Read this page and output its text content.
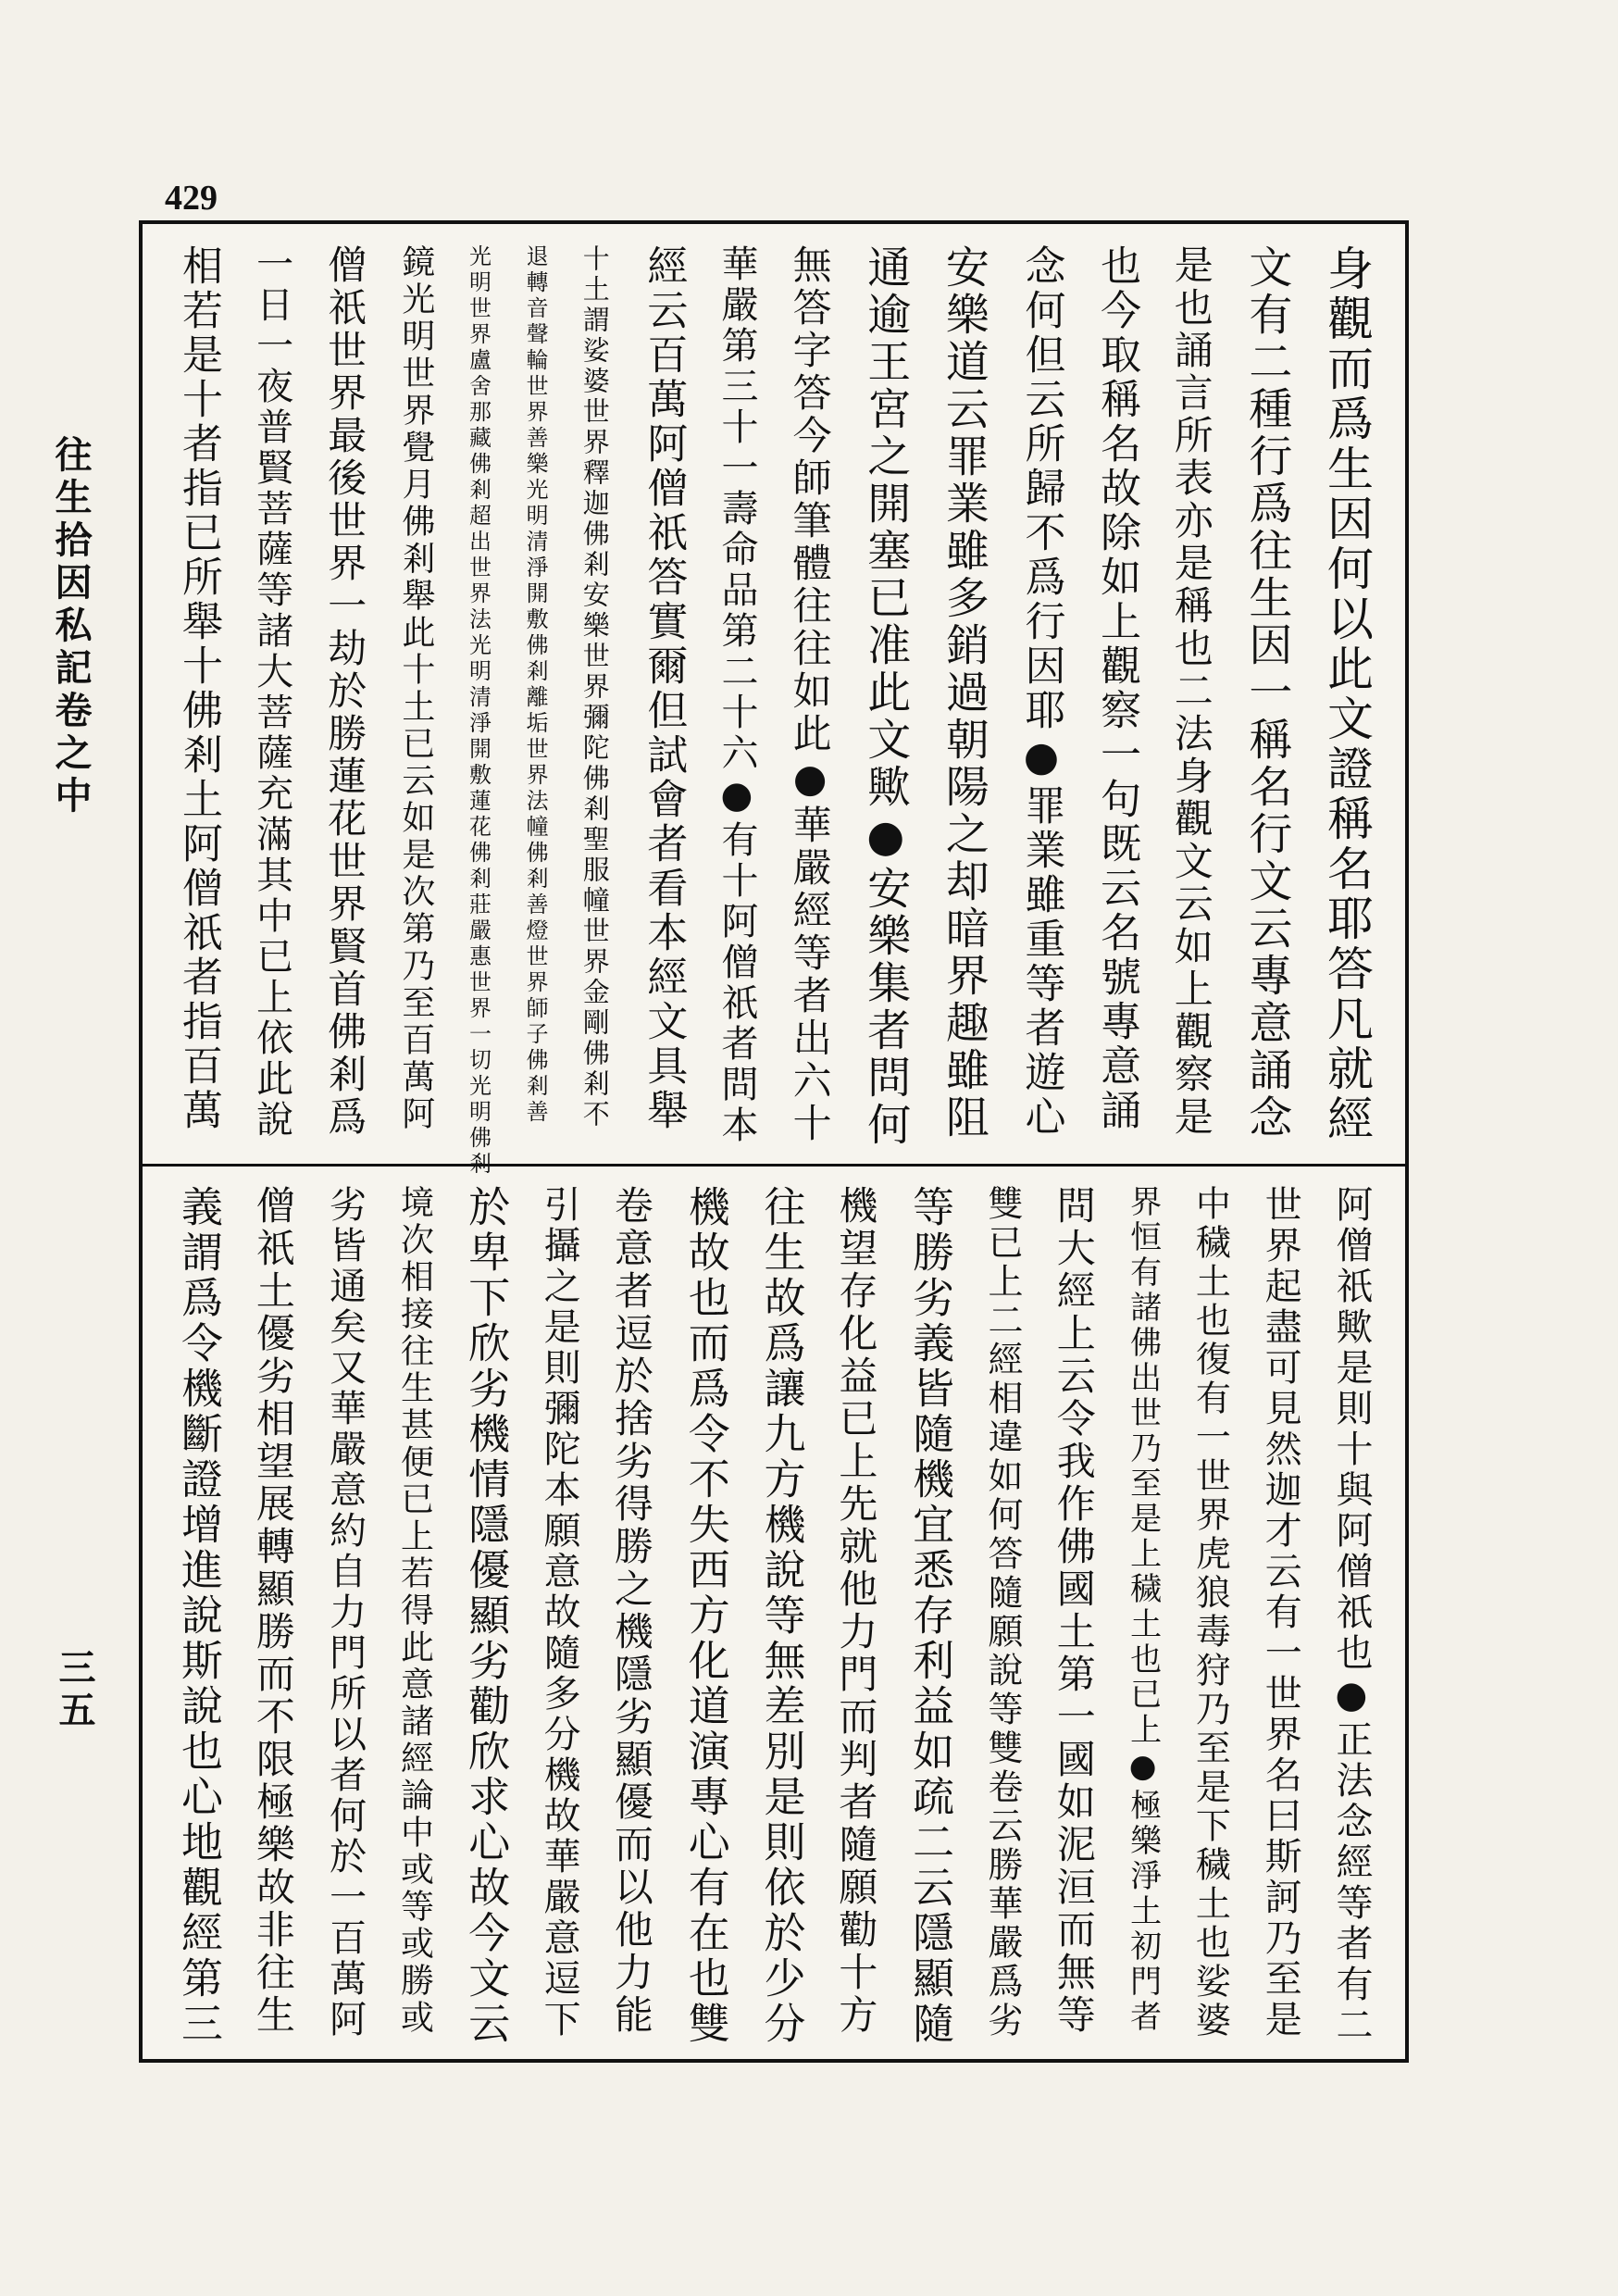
429
往生拾因私記卷之中
三五
身觀而爲生因何以此文證稱名耶答凡就經
文有二種行爲往生因一稱名行文云專意誦念
是也誦言所表亦是稱也二法身觀文云如上觀察是
也今取稱名故除如上觀察一句既云名號專意誦
念何但云所歸不爲行因耶●罪業雖重等者遊心
安樂道云罪業雖多銷過朝陽之却暗界趣雖阻
通逾王宮之開塞已准此文歟●安樂集者問何
無答字答今師筆體往往如此●華嚴經等者出六十
華嚴第三十一壽命品第二十六●有十阿僧祇者問本
經云百萬阿僧祇答實爾但試會者看本經文具舉
十土謂娑婆世界釋迦佛剎安樂世界彌陀佛剎聖服幢世界金剛佛剎不
退轉音聲輪世界善樂光明清淨開敷佛剎離垢世界法幢佛剎善燈世界師子佛剎善
光明世界盧舍那藏佛剎超出世界法光明清淨開敷蓮花佛剎莊嚴惠世界一切光明佛剎
鏡光明世界覺月佛剎舉此十土已云如是次第乃至百萬阿
僧祇世界最後世界一劫於勝蓮花世界賢首佛剎爲
一日一夜普賢菩薩等諸大菩薩充滿其中已上依此說
相若是十者指已所舉十佛剎土阿僧祇者指百萬
阿僧祇歟是則十與阿僧祇也●正法念經等者有二
世界起盡可見然迦才云有一世界名曰斯訶乃至是
中穢土也復有一世界虎狼毒狩乃至是下穢土也娑婆
界恒有諸佛出世乃至是上穢土也已上●極樂淨土初門者
問大經上云令我作佛國土第一國如泥洹而無等
雙已上二經相違如何答隨願說等雙卷云勝華嚴爲劣
等勝劣義皆隨機宜悉存利益如疏二云隱顯隨
機望存化益已上先就他力門而判者隨願勸十方
往生故爲讓九方機說等無差別是則依於少分
機故也而爲令不失西方化道演專心有在也雙
卷意者逗於捨劣得勝之機隱劣顯優而以他力能
引攝之是則彌陀本願意故隨多分機故華嚴意逗下
於卑下欣劣機情隱優顯劣勸欣求心故今文云
境次相接往生甚便已上若得此意諸經論中或等或勝或
劣皆通矣又華嚴意約自力門所以者何於一百萬阿
僧祇土優劣相望展轉顯勝而不限極樂故非往生
義謂爲令機斷證增進說斯說也心地觀經第三
